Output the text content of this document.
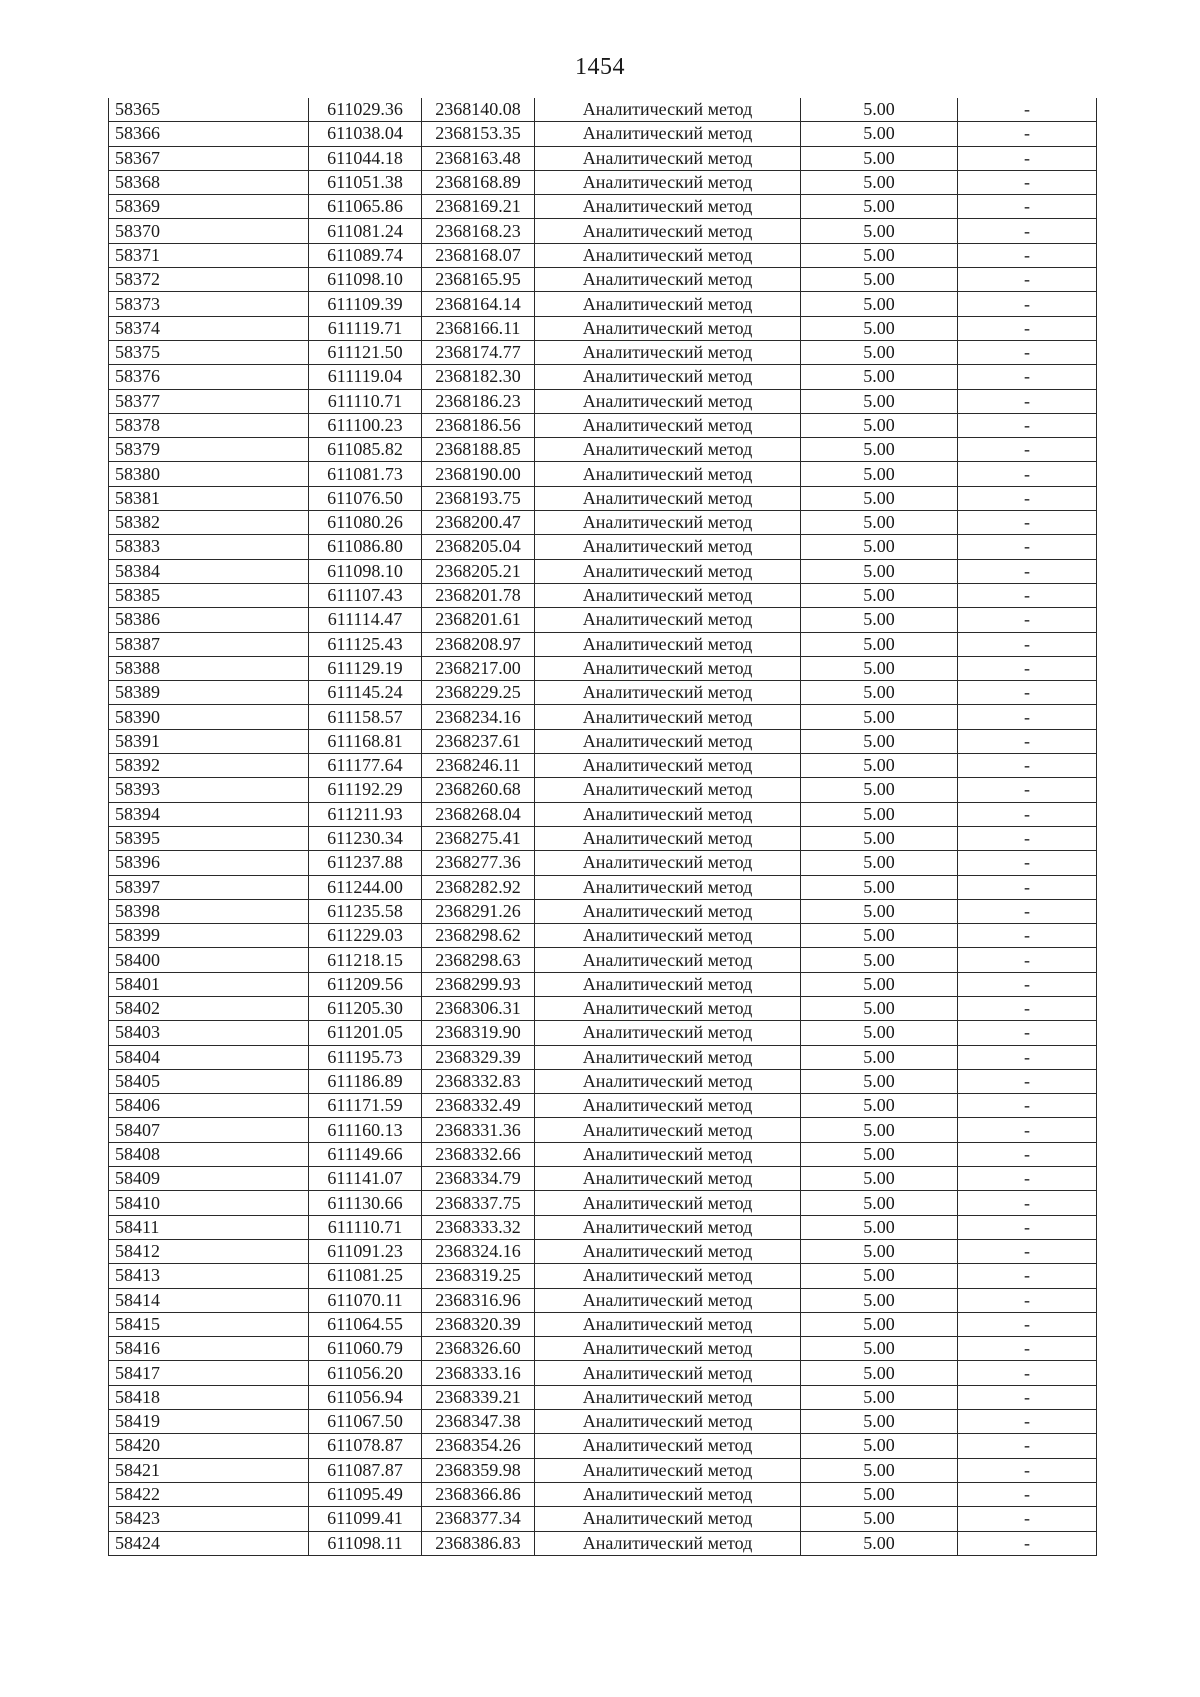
1454
58365	611029.36	2368140.08	Аналитический метод	5.00	-
58366	611038.04	2368153.35	Аналитический метод	5.00	-
58367	611044.18	2368163.48	Аналитический метод	5.00	-
58368	611051.38	2368168.89	Аналитический метод	5.00	-
58369	611065.86	2368169.21	Аналитический метод	5.00	-
58370	611081.24	2368168.23	Аналитический метод	5.00	-
58371	611089.74	2368168.07	Аналитический метод	5.00	-
58372	611098.10	2368165.95	Аналитический метод	5.00	-
58373	611109.39	2368164.14	Аналитический метод	5.00	-
58374	611119.71	2368166.11	Аналитический метод	5.00	-
58375	611121.50	2368174.77	Аналитический метод	5.00	-
58376	611119.04	2368182.30	Аналитический метод	5.00	-
58377	611110.71	2368186.23	Аналитический метод	5.00	-
58378	611100.23	2368186.56	Аналитический метод	5.00	-
58379	611085.82	2368188.85	Аналитический метод	5.00	-
58380	611081.73	2368190.00	Аналитический метод	5.00	-
58381	611076.50	2368193.75	Аналитический метод	5.00	-
58382	611080.26	2368200.47	Аналитический метод	5.00	-
58383	611086.80	2368205.04	Аналитический метод	5.00	-
58384	611098.10	2368205.21	Аналитический метод	5.00	-
58385	611107.43	2368201.78	Аналитический метод	5.00	-
58386	611114.47	2368201.61	Аналитический метод	5.00	-
58387	611125.43	2368208.97	Аналитический метод	5.00	-
58388	611129.19	2368217.00	Аналитический метод	5.00	-
58389	611145.24	2368229.25	Аналитический метод	5.00	-
58390	611158.57	2368234.16	Аналитический метод	5.00	-
58391	611168.81	2368237.61	Аналитический метод	5.00	-
58392	611177.64	2368246.11	Аналитический метод	5.00	-
58393	611192.29	2368260.68	Аналитический метод	5.00	-
58394	611211.93	2368268.04	Аналитический метод	5.00	-
58395	611230.34	2368275.41	Аналитический метод	5.00	-
58396	611237.88	2368277.36	Аналитический метод	5.00	-
58397	611244.00	2368282.92	Аналитический метод	5.00	-
58398	611235.58	2368291.26	Аналитический метод	5.00	-
58399	611229.03	2368298.62	Аналитический метод	5.00	-
58400	611218.15	2368298.63	Аналитический метод	5.00	-
58401	611209.56	2368299.93	Аналитический метод	5.00	-
58402	611205.30	2368306.31	Аналитический метод	5.00	-
58403	611201.05	2368319.90	Аналитический метод	5.00	-
58404	611195.73	2368329.39	Аналитический метод	5.00	-
58405	611186.89	2368332.83	Аналитический метод	5.00	-
58406	611171.59	2368332.49	Аналитический метод	5.00	-
58407	611160.13	2368331.36	Аналитический метод	5.00	-
58408	611149.66	2368332.66	Аналитический метод	5.00	-
58409	611141.07	2368334.79	Аналитический метод	5.00	-
58410	611130.66	2368337.75	Аналитический метод	5.00	-
58411	611110.71	2368333.32	Аналитический метод	5.00	-
58412	611091.23	2368324.16	Аналитический метод	5.00	-
58413	611081.25	2368319.25	Аналитический метод	5.00	-
58414	611070.11	2368316.96	Аналитический метод	5.00	-
58415	611064.55	2368320.39	Аналитический метод	5.00	-
58416	611060.79	2368326.60	Аналитический метод	5.00	-
58417	611056.20	2368333.16	Аналитический метод	5.00	-
58418	611056.94	2368339.21	Аналитический метод	5.00	-
58419	611067.50	2368347.38	Аналитический метод	5.00	-
58420	611078.87	2368354.26	Аналитический метод	5.00	-
58421	611087.87	2368359.98	Аналитический метод	5.00	-
58422	611095.49	2368366.86	Аналитический метод	5.00	-
58423	611099.41	2368377.34	Аналитический метод	5.00	-
58424	611098.11	2368386.83	Аналитический метод	5.00	-
